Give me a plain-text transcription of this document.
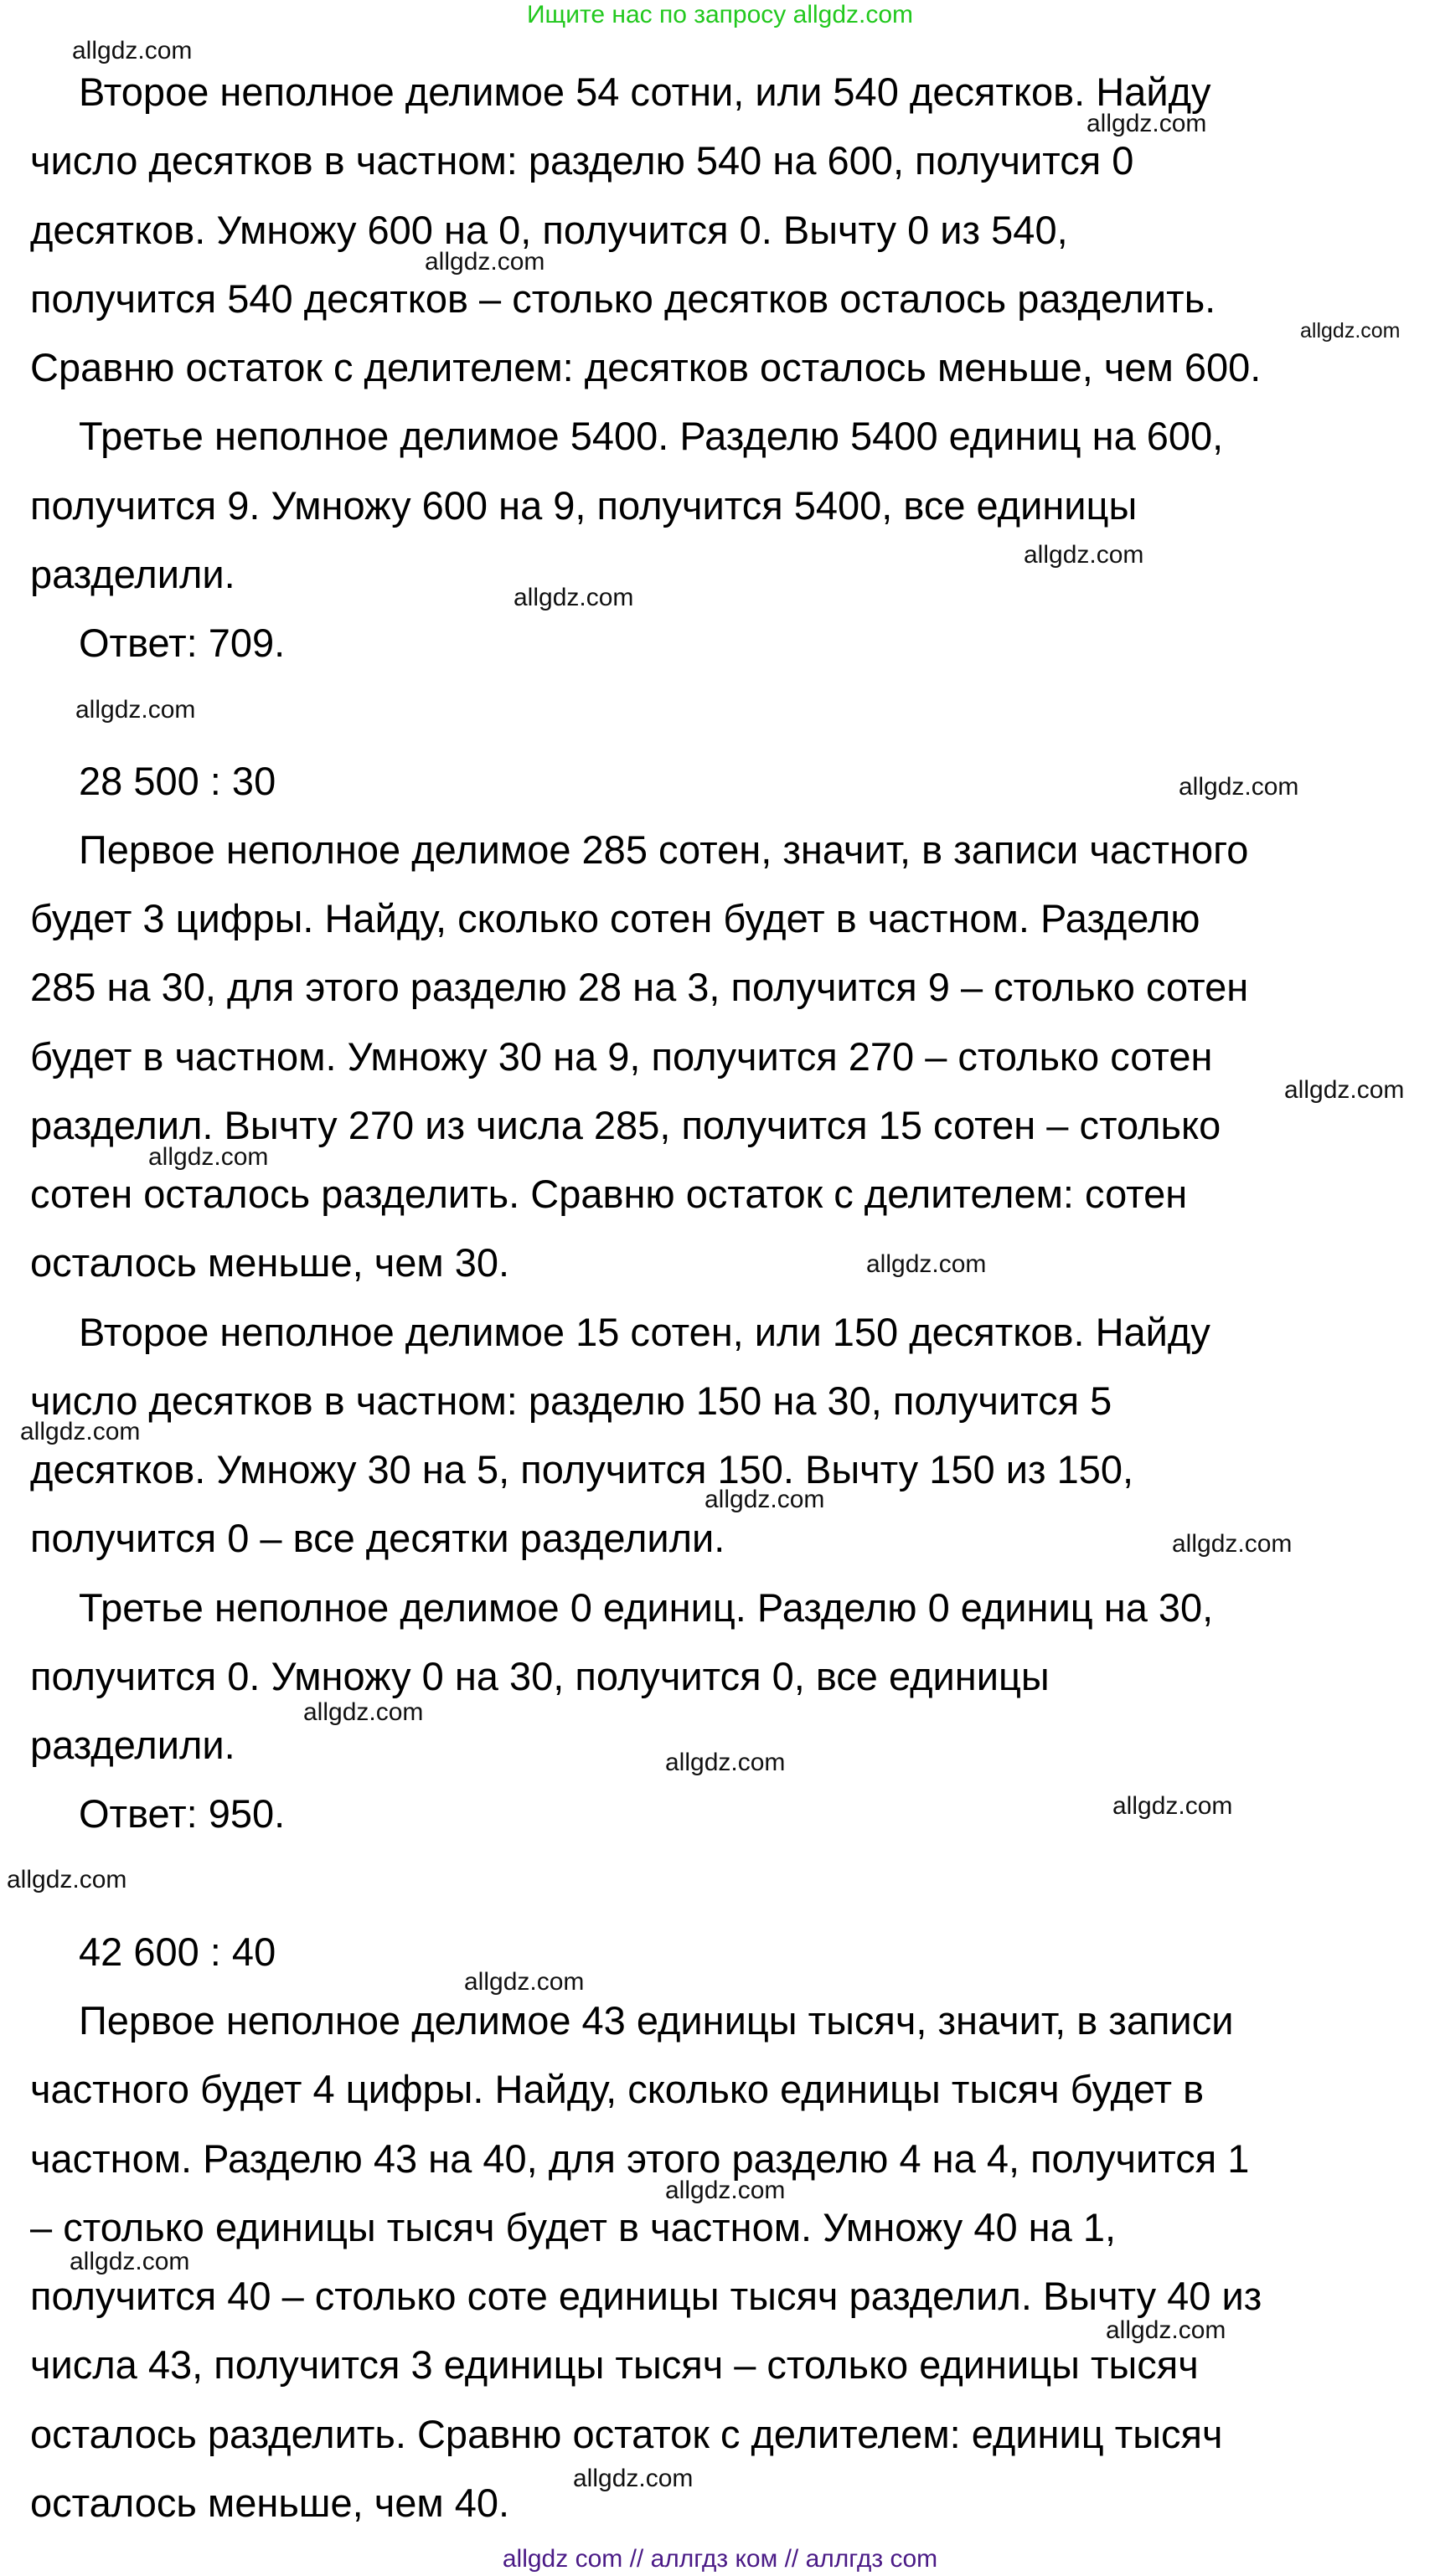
Ищите нас по запросу allgdz.com
Второе неполное делимое 54 сотни, или 540 десятков. Найду
число десятков в частном: разделю 540 на 600, получится 0
десятков. Умножу 600 на 0, получится 0. Вычту 0 из 540,
получится 540 десятков – столько десятков осталось разделить.
Сравню остаток с делителем: десятков осталось меньше, чем 600.
Третье неполное делимое 5400. Разделю 5400 единиц на 600,
получится 9. Умножу 600 на 9, получится 5400, все единицы
разделили.
Ответ: 709.
28 500 : 30
Первое неполное делимое 285 сотен, значит, в записи частного
будет 3 цифры. Найду, сколько сотен будет в частном. Разделю
285 на 30, для этого разделю 28 на 3, получится 9 – столько сотен
будет в частном. Умножу 30 на 9, получится 270 – столько сотен
разделил. Вычту 270 из числа 285, получится 15 сотен – столько
сотен осталось разделить. Сравню остаток с делителем: сотен
осталось меньше, чем 30.
Второе неполное делимое 15 сотен, или 150 десятков. Найду
число десятков в частном: разделю 150 на 30, получится 5
десятков. Умножу 30 на 5, получится 150. Вычту 150 из 150,
получится 0 – все десятки разделили.
Третье неполное делимое 0 единиц. Разделю 0 единиц на 30,
получится 0. Умножу 0 на 30, получится 0, все единицы
разделили.
Ответ: 950.
42 600 : 40
Первое неполное делимое 43 единицы тысяч, значит, в записи
частного будет 4 цифры. Найду, сколько единицы тысяч будет в
частном. Разделю 43 на 40, для этого разделю 4 на 4, получится 1
– столько единицы тысяч будет в частном. Умножу 40 на 1,
получится 40 – столько соте единицы тысяч разделил. Вычту 40 из
числа 43, получится 3 единицы тысяч – столько единицы тысяч
осталось разделить. Сравню остаток с делителем: единиц тысяч
осталось меньше, чем 40.
allgdz.com
allgdz.com
allgdz.com
allgdz.com
allgdz.com
allgdz.com
allgdz.com
allgdz.com
allgdz.com
allgdz.com
allgdz.com
allgdz.com
allgdz.com
allgdz.com
allgdz.com
allgdz.com
allgdz.com
allgdz.com
allgdz.com
allgdz.com
allgdz.com
allgdz.com
allgdz.com
allgdz com // аллгдз ком // аллгдз com
